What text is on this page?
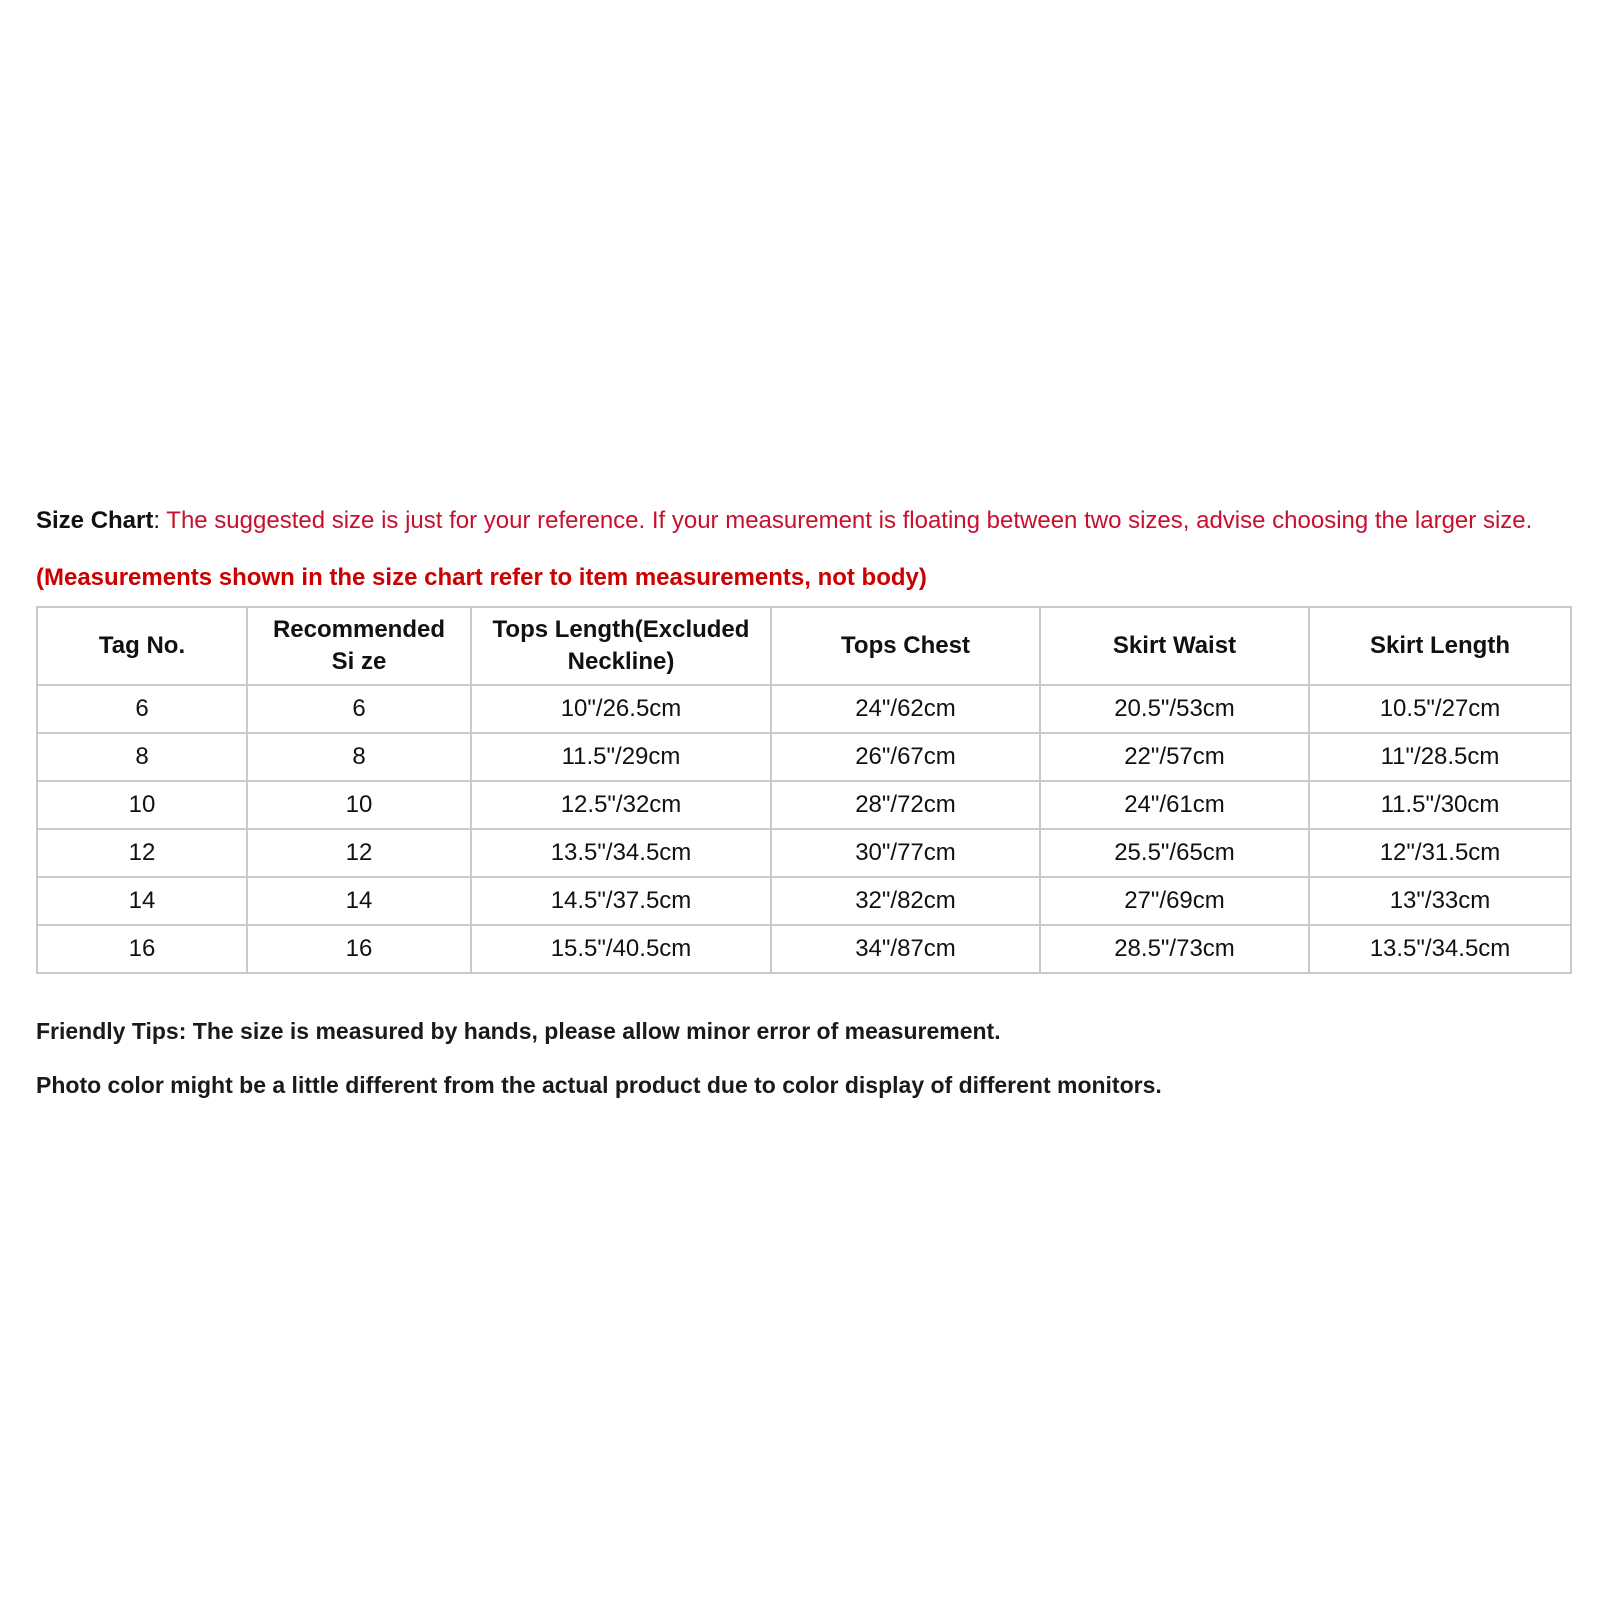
Size Chart: The suggested size is just for your reference. If your measurement is floating between two sizes, advise choosing the larger size.
(Measurements shown in the size chart refer to item measurements, not body)
Tag No.	Recommended Si ze	Tops Length(Excluded Neckline)	Tops Chest	Skirt Waist	Skirt Length
6	6	10"/26.5cm	24"/62cm	20.5"/53cm	10.5"/27cm
8	8	11.5"/29cm	26"/67cm	22"/57cm	11"/28.5cm
10	10	12.5"/32cm	28"/72cm	24"/61cm	11.5"/30cm
12	12	13.5"/34.5cm	30"/77cm	25.5"/65cm	12"/31.5cm
14	14	14.5"/37.5cm	32"/82cm	27"/69cm	13"/33cm
16	16	15.5"/40.5cm	34"/87cm	28.5"/73cm	13.5"/34.5cm
Friendly Tips: The size is measured by hands, please allow minor error of measurement.
Photo color might be a little different from the actual product due to color display of different monitors.
